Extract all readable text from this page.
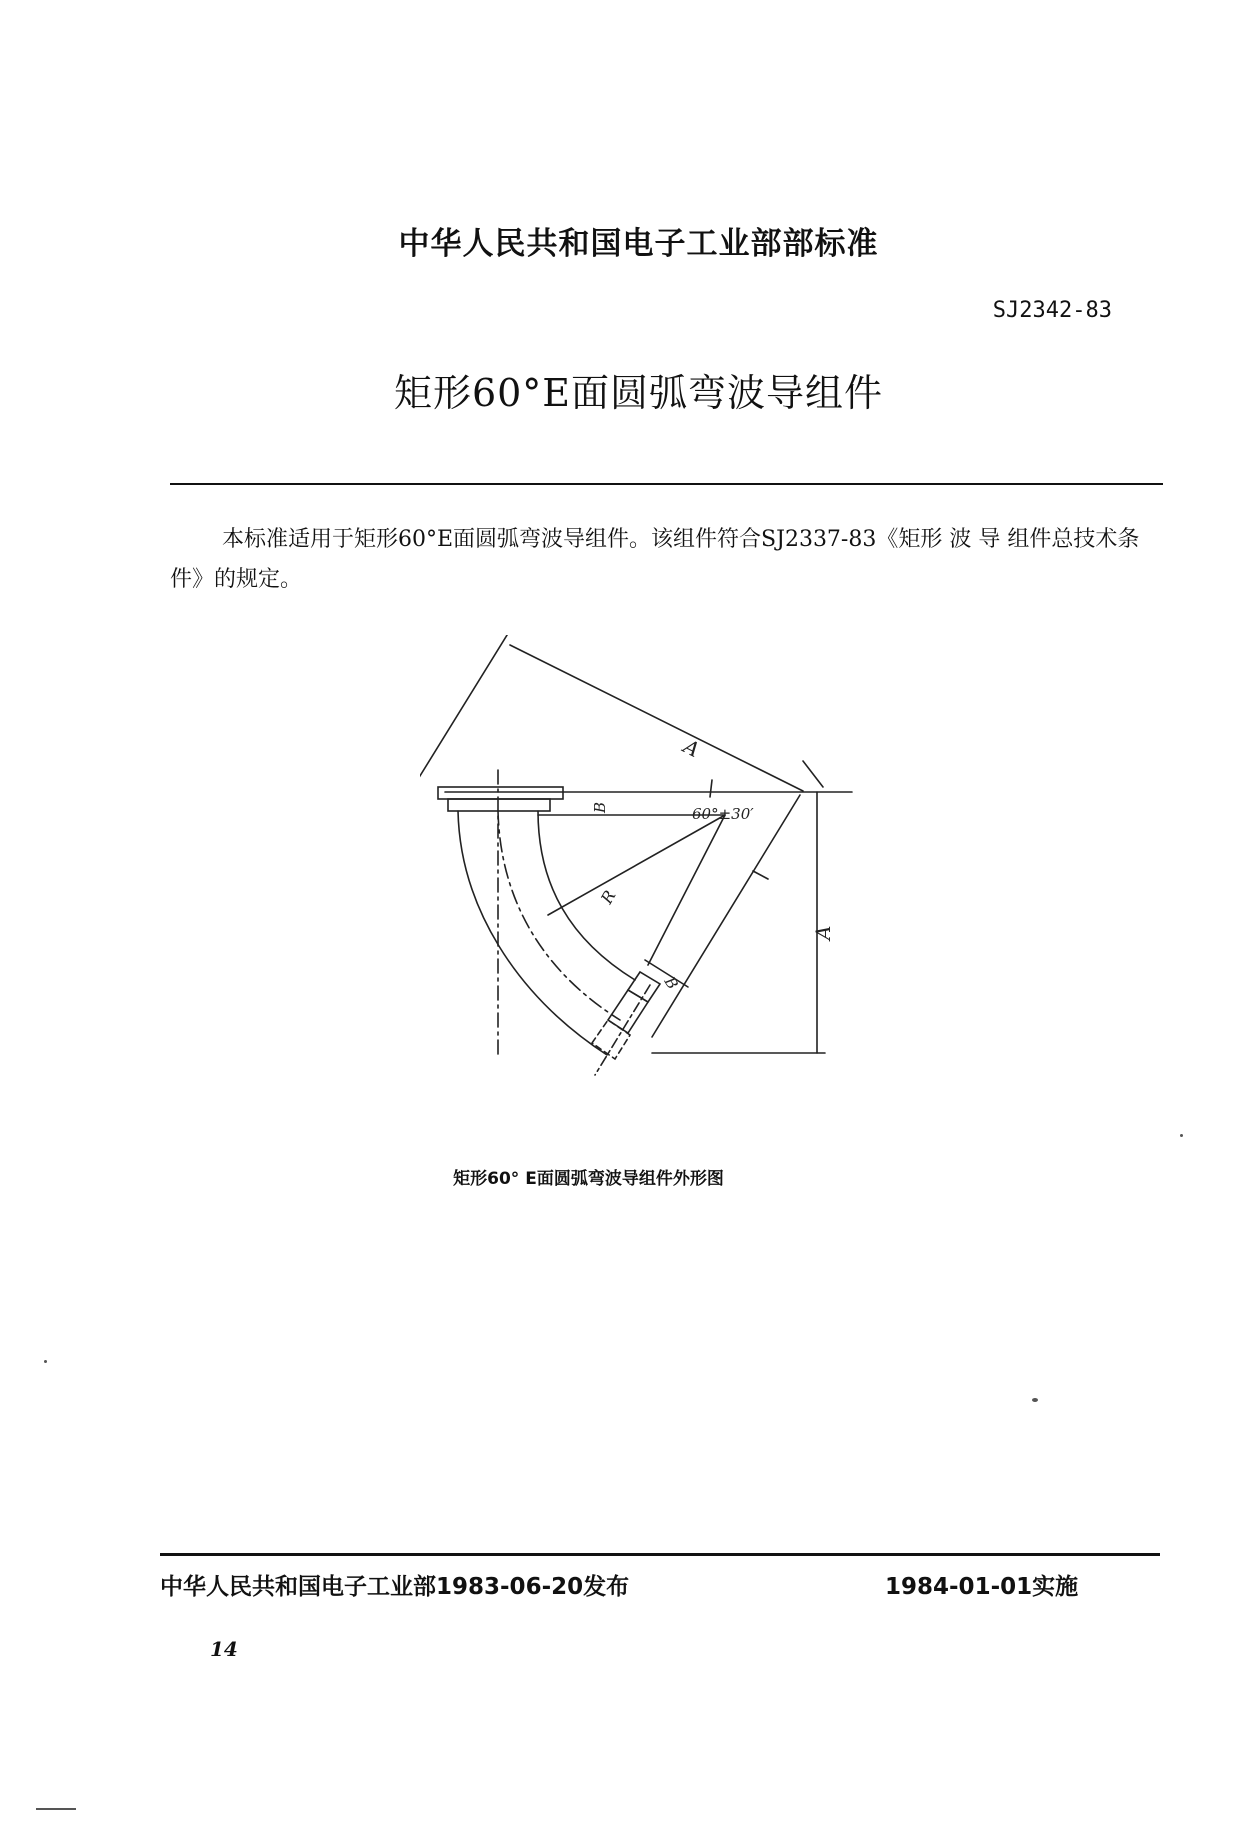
中华人民共和国电子工业部部标准
SJ2342-83
矩形60°E面圆弧弯波导组件
本标准适用于矩形60°E面圆弧弯波导组件。该组件符合SJ2337-83《矩形 波 导 组件总技术条件》的规定。
A
B	60°±30′
R
B
A
矩形60° E面圆弧弯波导组件外形图
中华人民共和国电子工业部1983-06-20发布	1984-01-01实施
14
